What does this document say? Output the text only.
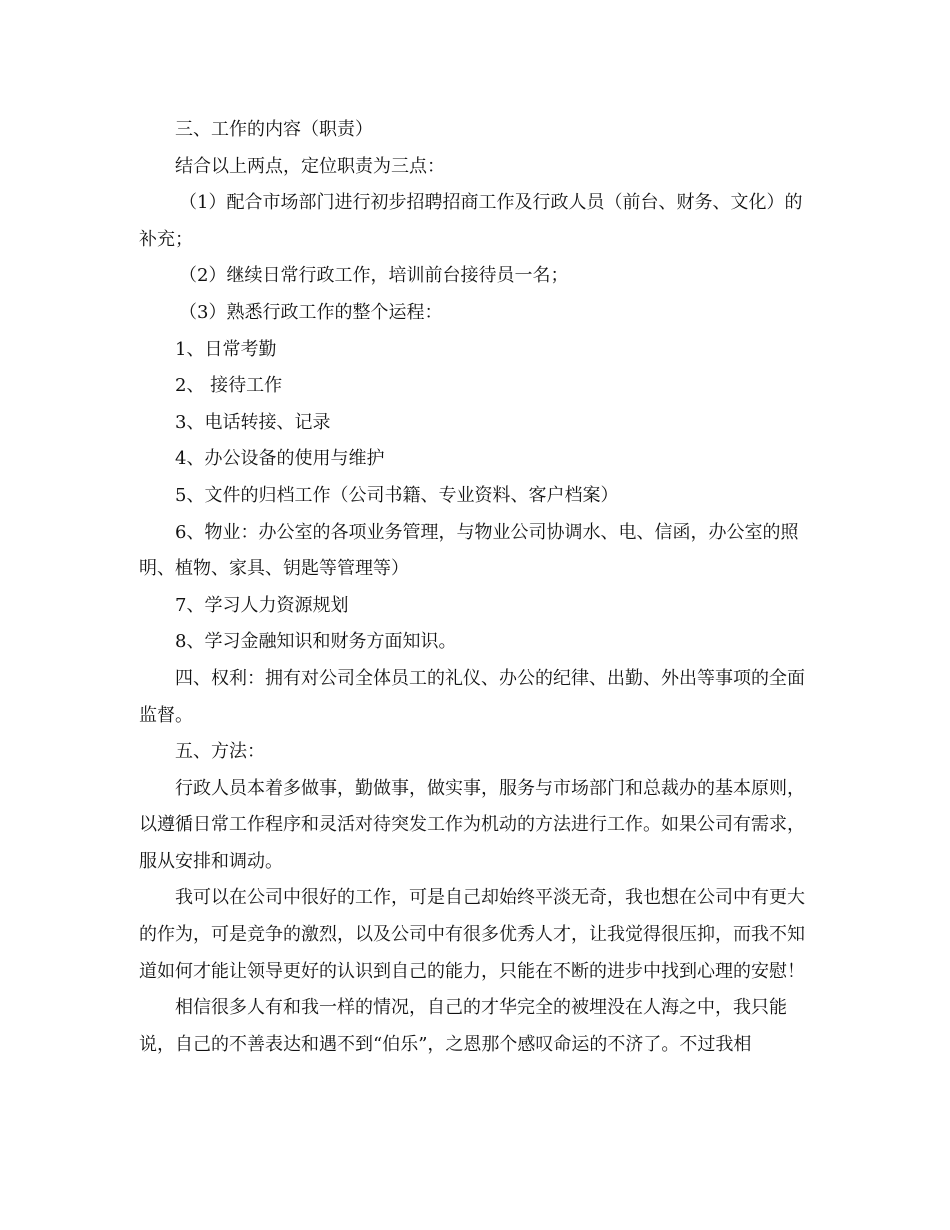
三、工作的内容（职责）

结合以上两点，定位职责为三点：

（1）配合市场部门进行初步招聘招商工作及行政人员（前台、财务、文化）的补充；

（2）继续日常行政工作，培训前台接待员一名；

（3）熟悉行政工作的整个运程：

1、日常考勤

2、 接待工作

3、电话转接、记录

4、办公设备的使用与维护

5、文件的归档工作（公司书籍、专业资料、客户档案）

6、物业：办公室的各项业务管理，与物业公司协调水、电、信函，办公室的照明、植物、家具、钥匙等管理等）

7、学习人力资源规划

8、学习金融知识和财务方面知识。

四、权利：拥有对公司全体员工的礼仪、办公的纪律、出勤、外出等事项的全面监督。

五、方法：

行政人员本着多做事，勤做事，做实事，服务与市场部门和总裁办的基本原则，以遵循日常工作程序和灵活对待突发工作为机动的方法进行工作。如果公司有需求，服从安排和调动。

我可以在公司中很好的工作，可是自己却始终平淡无奇，我也想在公司中有更大的作为，可是竞争的激烈，以及公司中有很多优秀人才，让我觉得很压抑，而我不知道如何才能让领导更好的认识到自己的能力，只能在不断的进步中找到心理的安慰！

相信很多人有和我一样的情况，自己的才华完全的被埋没在人海之中，我只能说，自己的不善表达和遇不到“伯乐”，之恩那个感叹命运的不济了。不过我相
